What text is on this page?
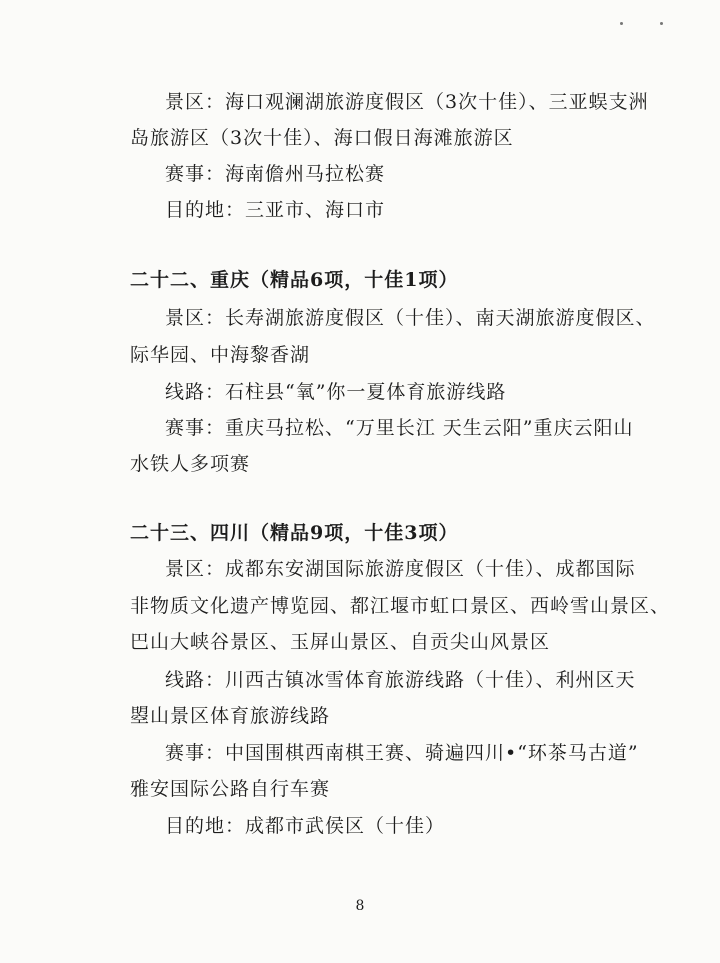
景区：海口观澜湖旅游度假区（3次十佳）、三亚蜈支洲
岛旅游区（3次十佳）、海口假日海滩旅游区
赛事：海南儋州马拉松赛
目的地：三亚市、海口市
二十二、重庆（精品6项，十佳1项）
景区：长寿湖旅游度假区（十佳）、南天湖旅游度假区、
际华园、中海黎香湖
线路：石柱县“氧”你一夏体育旅游线路
赛事：重庆马拉松、“万里长江 天生云阳”重庆云阳山
水铁人多项赛
二十三、四川（精品9项，十佳3项）
景区：成都东安湖国际旅游度假区（十佳）、成都国际
非物质文化遗产博览园、都江堰市虹口景区、西岭雪山景区、
巴山大峡谷景区、玉屏山景区、自贡尖山风景区
线路：川西古镇冰雪体育旅游线路（十佳）、利州区天
曌山景区体育旅游线路
赛事：中国围棋西南棋王赛、骑遍四川•“环茶马古道”
雅安国际公路自行车赛
目的地：成都市武侯区（十佳）
8
